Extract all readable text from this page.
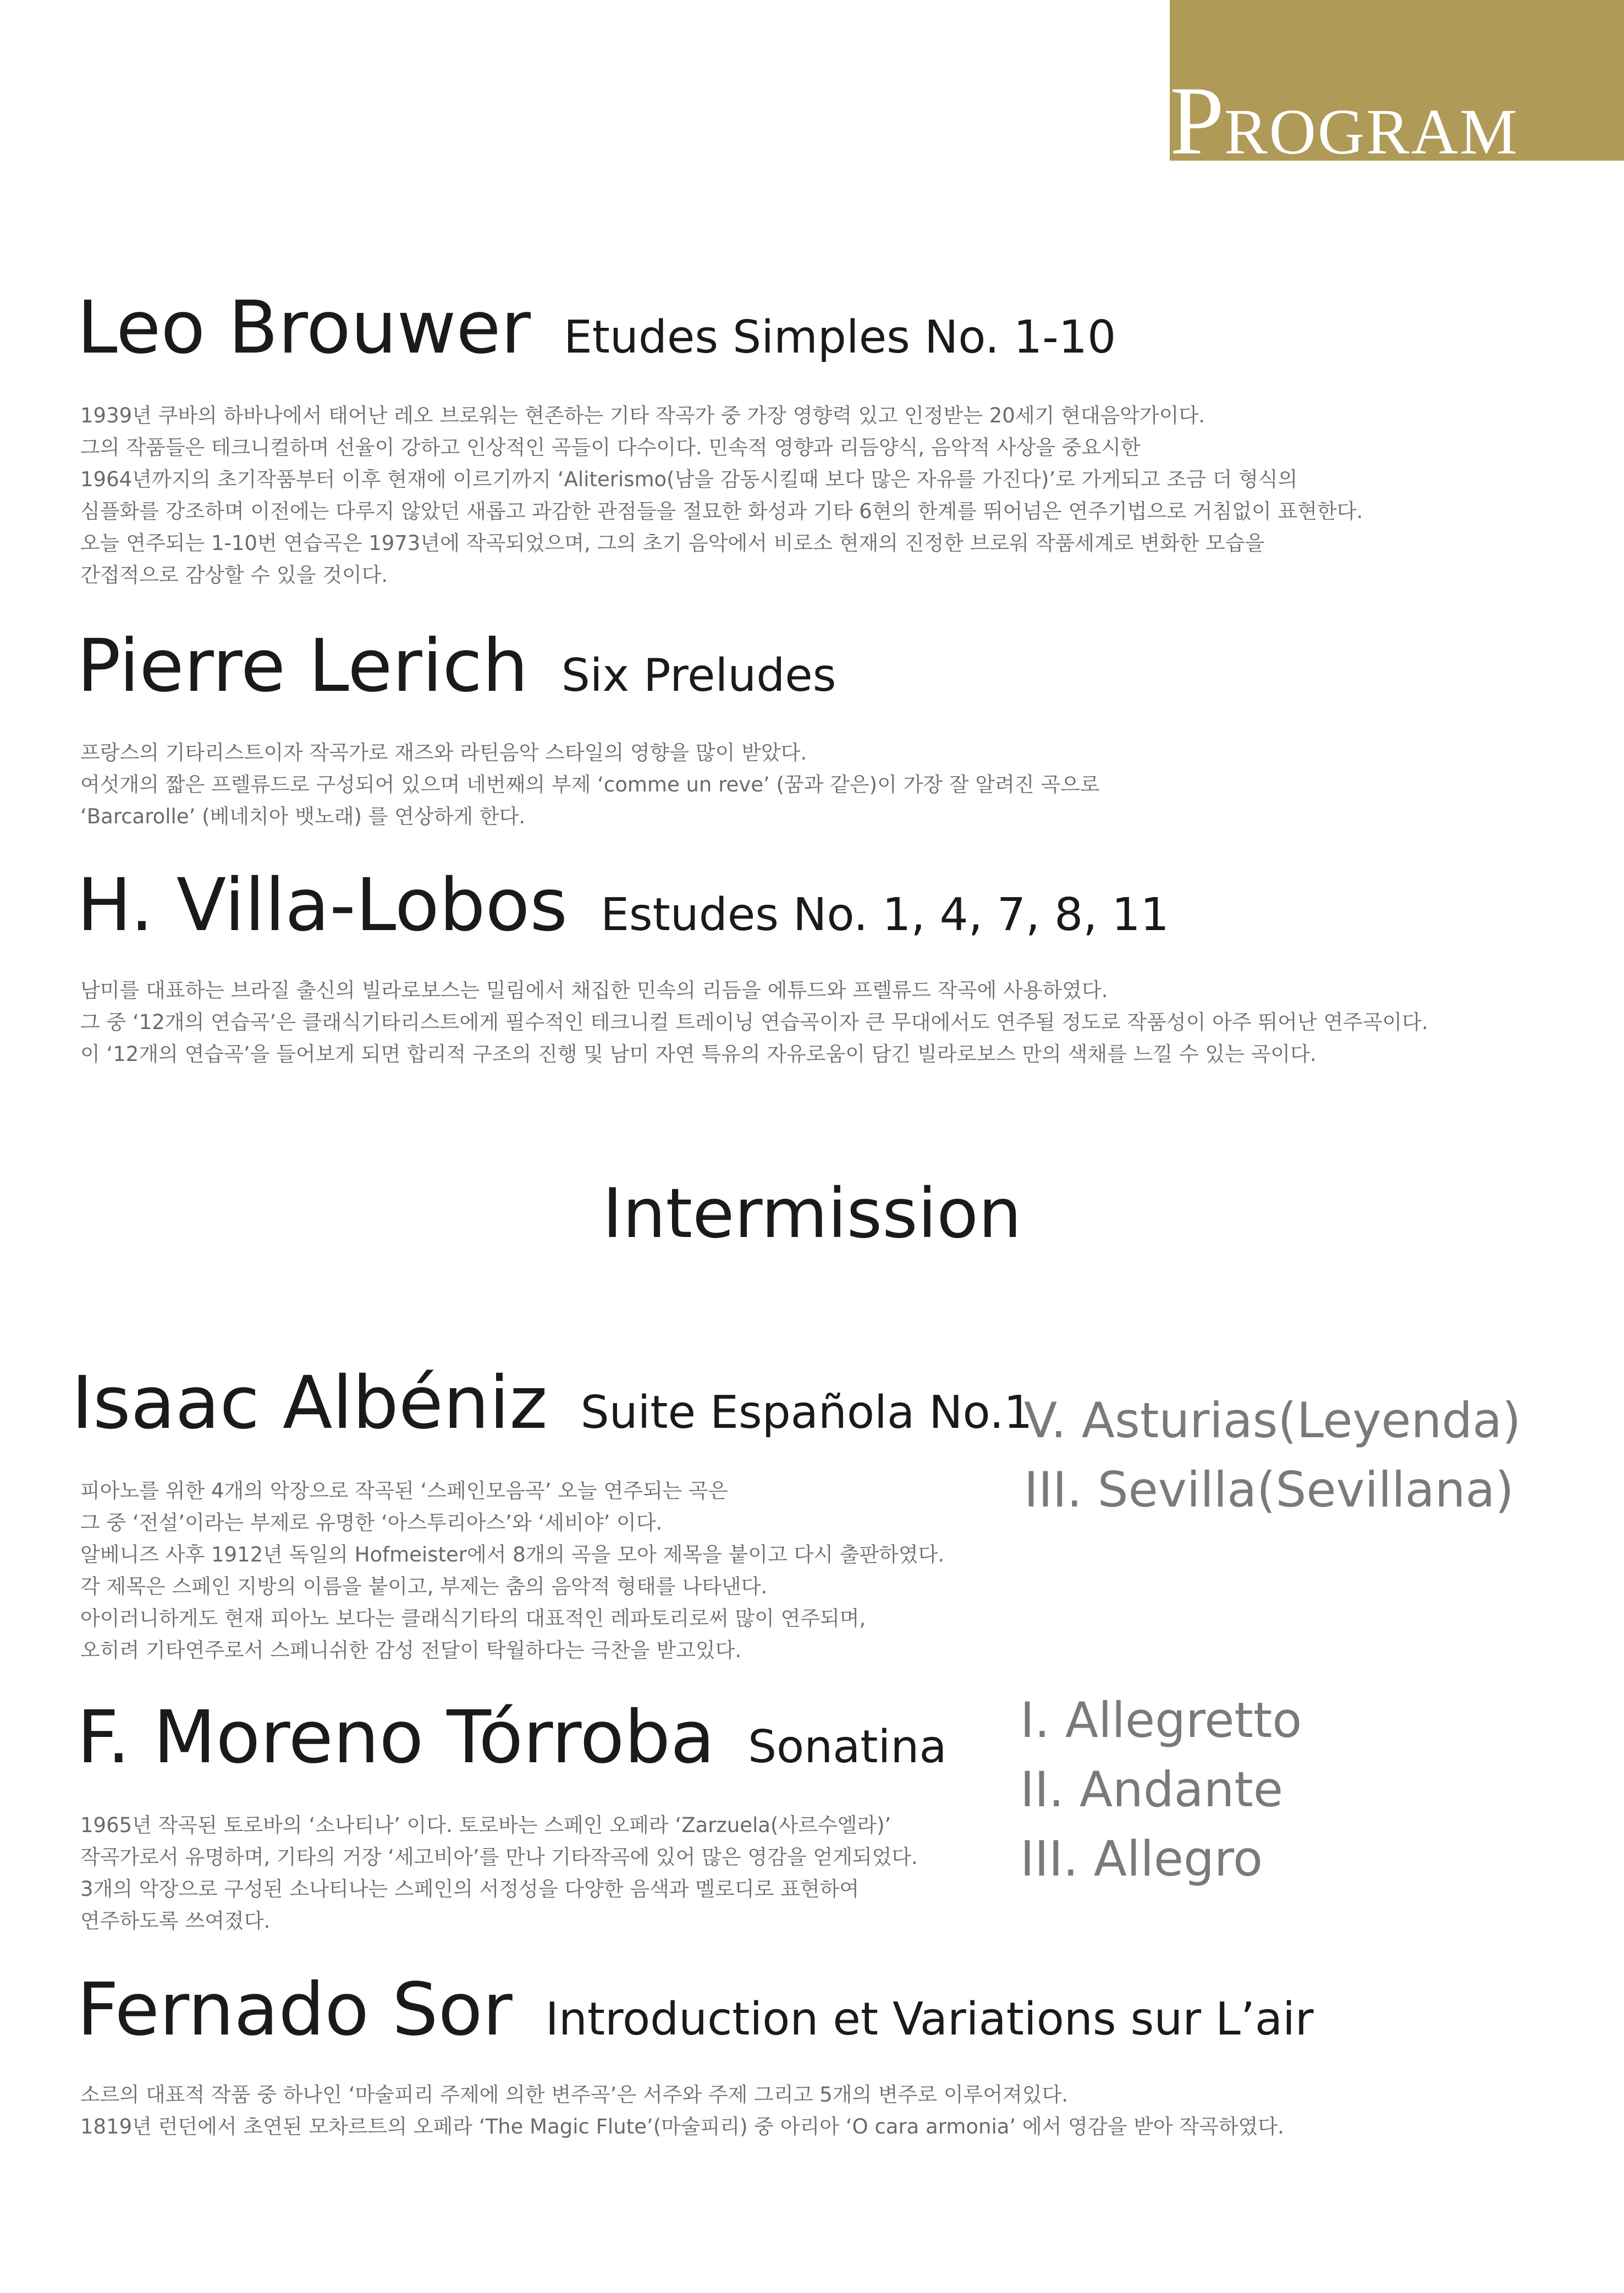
PROGRAM
Leo Brouwer Etudes Simples No. 1-10

1939년 쿠바의 하바나에서 태어난 레오 브로워는 현존하는 기타 작곡가 중 가장 영향력 있고 인정받는 20세기 현대음악가이다.

그의 작품들은 테크니컬하며 선율이 강하고 인상적인 곡들이 다수이다. 민속적 영향과 리듬양식, 음악적 사상을 중요시한

1964년까지의 초기작품부터 이후 현재에 이르기까지 ‘Aliterismo(남을 감동시킬때 보다 많은 자유를 가진다)’로 가게되고 조금 더 형식의

심플화를 강조하며 이전에는 다루지 않았던 새롭고 과감한 관점들을 절묘한 화성과 기타 6현의 한계를 뛰어넘은 연주기법으로 거침없이 표현한다.

오늘 연주되는 1-10번 연습곡은 1973년에 작곡되었으며, 그의 초기 음악에서 비로소 현재의 진정한 브로워 작품세계로 변화한 모습을

간접적으로 감상할 수 있을 것이다.

Pierre Lerich Six Preludes

프랑스의 기타리스트이자 작곡가로 재즈와 라틴음악 스타일의 영향을 많이 받았다.

여섯개의 짧은 프렐류드로 구성되어 있으며 네번째의 부제 ‘comme un reve’ (꿈과 같은)이 가장 잘 알려진 곡으로

‘Barcarolle’ (베네치아 뱃노래) 를 연상하게 한다.

H. Villa-Lobos Estudes No. 1, 4, 7, 8, 11

남미를 대표하는 브라질 출신의 빌라로보스는 밀림에서 채집한 민속의 리듬을 에튜드와 프렐류드 작곡에 사용하였다.

그 중 ‘12개의 연습곡’은 클래식기타리스트에게 필수적인 테크니컬 트레이닝 연습곡이자 큰 무대에서도 연주될 정도로 작품성이 아주 뛰어난 연주곡이다.

이 ‘12개의 연습곡’을 들어보게 되면 합리적 구조의 진행 및 남미 자연 특유의 자유로움이 담긴 빌라로보스 만의 색채를 느낄 수 있는 곡이다.

Intermission
Isaac Albéniz Suite Española No.1

V. Asturias(Leyenda)

III. Sevilla(Sevillana)

피아노를 위한 4개의 악장으로 작곡된 ‘스페인모음곡’ 오늘 연주되는 곡은

그 중 ‘전설’이라는 부제로 유명한 ‘아스투리아스’와 ‘세비야’ 이다.

알베니즈 사후 1912년 독일의 Hofmeister에서 8개의 곡을 모아 제목을 붙이고 다시 출판하였다.

각 제목은 스페인 지방의 이름을 붙이고, 부제는 춤의 음악적 형태를 나타낸다.

아이러니하게도 현재 피아노 보다는 클래식기타의 대표적인 레파토리로써 많이 연주되며,

오히려 기타연주로서 스페니쉬한 감성 전달이 탁월하다는 극찬을 받고있다.

F. Moreno Tórroba Sonatina I. Allegretto

II. Andante

III. Allegro

1965년 작곡된 토로바의 ‘소나티나’ 이다. 토로바는 스페인 오페라 ‘Zarzuela(사르수엘라)’

작곡가로서 유명하며, 기타의 거장 ‘세고비아’를 만나 기타작곡에 있어 많은 영감을 얻게되었다.

3개의 악장으로 구성된 소나티나는 스페인의 서정성을 다양한 음색과 멜로디로 표현하여

연주하도록 쓰여졌다.

Fernado Sor Introduction et Variations sur L’air

소르의 대표적 작품 중 하나인 ‘마술피리 주제에 의한 변주곡’은 서주와 주제 그리고 5개의 변주로 이루어져있다.

1819년 런던에서 초연된 모차르트의 오페라 ‘The Magic Flute’(마술피리) 중 아리아 ‘O cara armonia’ 에서 영감을 받아 작곡하였다.
